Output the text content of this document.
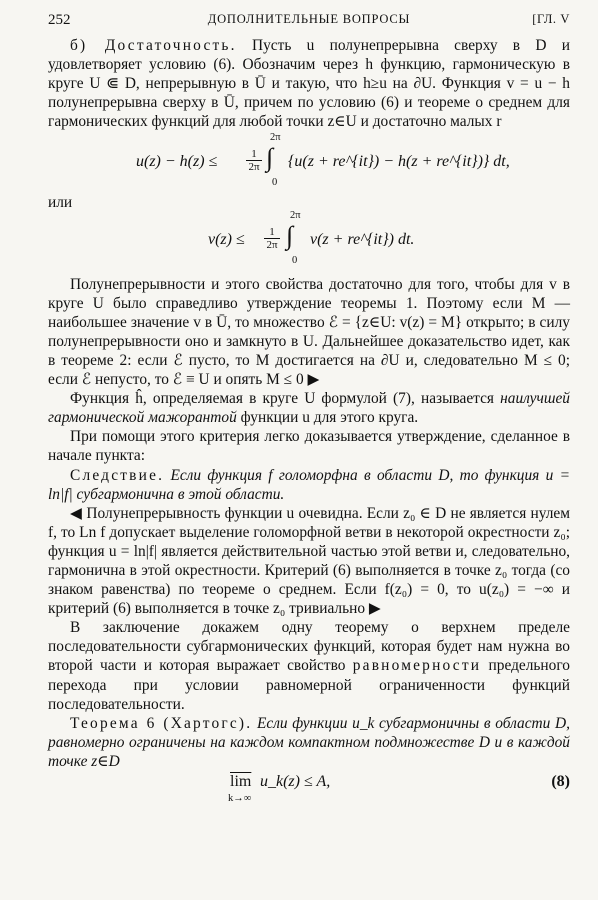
252	ДОПОЛНИТЕЛЬНЫЕ ВОПРОСЫ	[ГЛ. V

б) Достаточность. Пусть u полунепрерывна сверху в D и удовлетворяет условию (6). Обозначим через h функцию, гармоническую в круге U ⋐ D, непрерывную в Ū и такую, что h≥u на ∂U. Функция v = u − h полунепрерывна сверху в Ū, причем по условию (6) и теореме о среднем для гармонических функций для любой точки z∈U и достаточно малых r

u(z) − h(z) ≤	$\frac{1}{2\pi}$ ∫
2π
0
{u(z + re^{it}) − h(z + re^{it})} dt,

или

$v(z) \le \frac{1}{2\pi}$ ∫
2π
0
v(z + re^{it}) dt.

Полунепрерывности и этого свойства достаточно для того, чтобы для v в круге U было справедливо утверждение теоремы 1. Поэтому если M — наибольшее значение v в Ū, то множество ℰ = {z∈U: v(z) = M} открыто; в силу полунепрерывности оно и замкнуто в U. Дальнейшее доказательство идет, как в теореме 2: если ℰ пусто, то M достигается на ∂U и, следовательно M ≤ 0; если ℰ непусто, то ℰ ≡ U и опять M ≤ 0 ▶

Функция ĥ, определяемая в круге U формулой (7), называется наилучшей гармонической мажорантой функции u для этого круга.

При помощи этого критерия легко доказывается утверждение, сделанное в начале пункта:

Следствие. Если функция f голоморфна в области D, то функция u = ln|f| субгармонична в этой области.

◀ Полунепрерывность функции u очевидна. Если z₀ ∈ D не является нулем f, то Ln f допускает выделение голоморфной ветви в некоторой окрестности z₀; функция u = ln|f| является действительной частью этой ветви и, следовательно, гармонична в этой окрестности. Критерий (6) выполняется в точке z₀ тогда (со знаком равенства) по теореме о среднем. Если f(z₀) = 0, то u(z₀) = −∞ и критерий (6) выполняется в точке z₀ тривиально ▶

В заключение докажем одну теорему о верхнем пределе последовательности субгармонических функций, которая будет нам нужна во второй части и которая выражает свойство равномерности предельного перехода при условии равномерной ограниченности функций последовательности.

Теорема 6 (Хартогс). Если функции u_k субгармоничны в области D, равномерно ограничены на каждом компактном подмножестве D и в каждой точке z∈D

$\overline{lim}$
k→∞
u_k(z) ≤ A,	(8)
